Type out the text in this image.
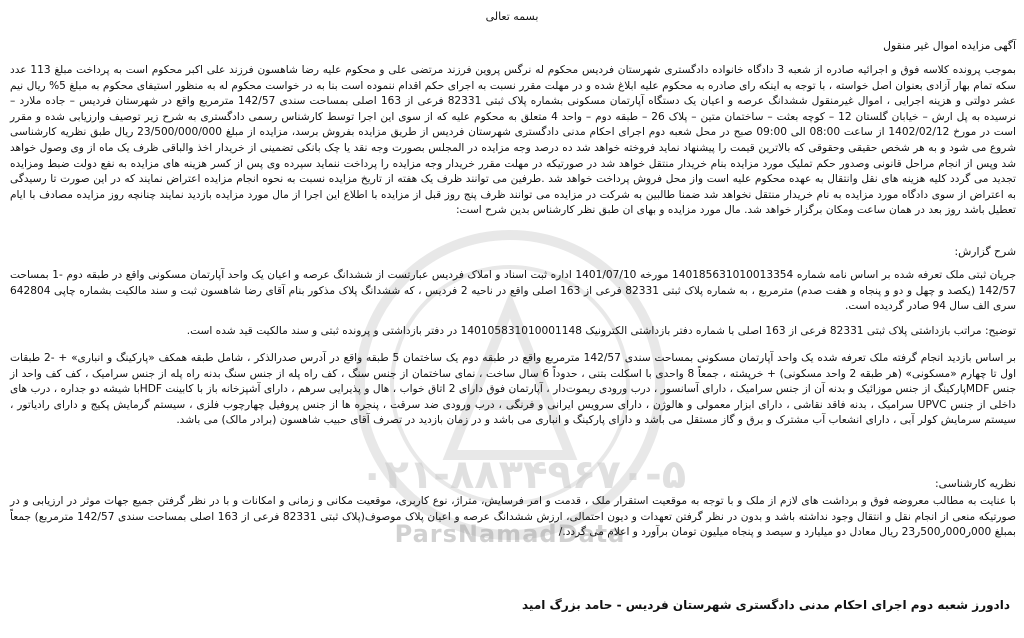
۰۲۱-۸۸۳۴۹۶۷۰-۵
ParsNamadData
بسمه تعالی
آگهی مزایده اموال غیر منقول
بموجب پرونده کلاسه فوق و اجرائیه صادره از شعبه 3 دادگاه خانواده دادگستری شهرستان فردیس محکوم له نرگس پروین فرزند مرتضی علی و محکوم علیه رضا شاهسون فرزند علی اکبر محکوم است به پرداخت مبلغ 113 عدد سکه تمام بهار آزادی بعنوان اصل خواسته ، با توجه به اینکه رای صادره به محکوم علیه ابلاغ شده و در مهلت مقرر نسبت به اجرای حکم اقدام ننموده است بنا به در خواست محکوم له به منظور استیفای محکوم به مبلغ 5% ریال نیم عشر دولتی و هزینه اجرایی ، اموال غیرمنقول ششدانگ عرصه و اعیان یک دستگاه آپارتمان مسکونی بشماره پلاک ثبتی 82331 فرعی از 163 اصلی بمساحت سندی 142/57 مترمربع واقع در شهرستان فردیس – جاده ملارد – نرسیده به پل ارش – خیابان گلستان 12 – کوچه بعثت – ساختمان متین – پلاک 26 – طبقه دوم – واحد 4 متعلق به محکوم علیه که از سوی این اجرا توسط کارشناس رسمی دادگستری به شرح زیر توصیف وارزیابی شده و مقرر است در مورخ 1402/02/12 از ساعت 08:00 الی 09:00 صبح در محل شعبه دوم اجرای احکام مدنی دادگستری شهرستان فردیس از طریق مزایده بفروش برسد، مزایده از مبلغ 23/500/000/000 ریال طبق نظریه کارشناسی شروع می شود و به هر شخص حقیقی وحقوقی که بالاترین قیمت را پیشنهاد نماید فروخته خواهد شد ده درصد وجه مزایده در المجلس بصورت وجه نقد یا چک بانکی تضمینی از خریدار اخذ والباقی ظرف یک ماه از وی وصول خواهد شد وپس از انجام مراحل قانونی وصدور حکم تملیک مورد مزایده بنام خریدار منتقل خواهد شد در صورتیکه در مهلت مقرر خریدار وجه مزایده را پرداخت ننماید سپرده وی پس از کسر هزینه های مزایده به نفع دولت ضبط ومزایده تجدید می گردد کلیه هزینه های نقل وانتقال به عهده محکوم علیه است واز محل فروش پرداخت خواهد شد .طرفین می توانند ظرف یک هفته از تاریخ مزایده نسبت به نحوه انجام مزایده اعتراض نمایند که در این صورت تا رسیدگی به اعتراض از سوی دادگاه مورد مزایده به نام خریدار منتقل نخواهد شد ضمنا طالبین به شرکت در مزایده می توانند ظرف پنج روز قبل از مزایده با اطلاع این اجرا از مال مورد مزایده بازدید نمایند چنانچه روز مزایده مصادف با ایام تعطیل باشد روز بعد در همان ساعت ومکان برگزار خواهد شد. مال مورد مزایده و بهای ان طبق نظر کارشناس بدین شرح است:
شرح گزارش:
جریان ثبتی ملک تعرفه شده بر اساس نامه شماره 140185631010013354 مورخه 1401/07/10 اداره ثبت اسناد و املاک فردیس عبارتست از ششدانگ عرصه و اعیان یک واحد آپارتمان مسکونی واقع در طبقه دوم -1 بمساحت 142/57 (یکصد و چهل و دو و پنجاه و هفت صدم) مترمربع ، به شماره پلاک ثبتی 82331 فرعی از 163 اصلی واقع در ناحیه 2 فردیس ، که ششدانگ پلاک مذکور بنام آقای رضا شاهسون ثبت و سند مالکیت بشماره چاپی 642804 سری الف سال 94 صادر گردیده است.
توضیح: مراتب بازداشتی پلاک ثبتی 82331 فرعی از 163 اصلی با شماره دفتر بازداشتی الکترونیک 140105831010001148 در دفتر بازداشتی و پرونده ثبتی و سند مالکیت قید شده است.
بر اساس بازدید انجام گرفته ملک تعرفه شده یک واحد آپارتمان مسکونی بمساحت سندی 142/57 مترمربع واقع در طبقه دوم یک ساختمان 5 طبقه واقع در آدرس صدرالذکر ، شامل طبقه همکف «پارکینگ و انباری» + -2 طبقات اول تا چهارم «مسکونی» (هر طبقه 2 واحد مسکونی) + خرپشته ، جمعاً 8 واحدی با اسکلت بتنی ، حدوداً 6 سال ساخت ، نمای ساختمان از جنس سنگ ، کف راه پله از جنس سنگ بدنه راه پله از جنس سرامیک ، کف کف واحد از جنس MDFپارکینگ از جنس موزائیک و بدنه آن از جنس سرامیک ، دارای آسانسور ، درب ورودی ریموت‌دار ، آپارتمان فوق دارای 2 اتاق خواب ، هال و پذیرایی سرهم ، دارای آشپزخانه باز با کابینت HDFبا شیشه دو جداره ، درب های داخلی از جنس UPVC سرامیک ، بدنه فاقد نقاشی ، دارای ابزار معمولی و هالوژن ، دارای سرویس ایرانی و فرنگی ، درب ورودی ضد سرقت ، پنجره ها از جنس پروفیل چهارچوب فلزی ، سیستم گرمایش پکیج و دارای رادیاتور ، سیستم سرمایش کولر آبی ، دارای انشعاب آب مشترک و برق و گاز مستقل می باشد و دارای پارکینگ و انباری می باشد و در زمان بازدید در تصرف آقای حبیب شاهسون (برادر مالک) می باشد.
نظریه کارشناسی:
با عنایت به مطالب معروضه فوق و برداشت های لازم از ملک و با توجه به موقعیت استقرار ملک ، قدمت و امر فرسایش، متراژ، نوع کاربری، موقعیت مکانی و زمانی و امکانات و با در نظر گرفتن جمیع جهات موثر در ارزیابی و در صورتیکه منعی از انجام نقل و انتقال وجود نداشته باشد و بدون در نظر گرفتن تعهدات و دیون احتمالی، ارزش ششدانگ عرصه و اعیان پلاک موصوف(پلاک ثبتی 82331 فرعی از 163 اصلی بمساحت سندی 142/57 مترمربع) جمعاً بمبلغ 000ر000ر500ر23 ریال معادل دو میلیارد و سیصد و پنجاه میلیون تومان برآورد و اعلام می گردد./
دادورز شعبه دوم اجرای احکام مدنی دادگستری شهرستان فردیس - حامد بزرگ امید
